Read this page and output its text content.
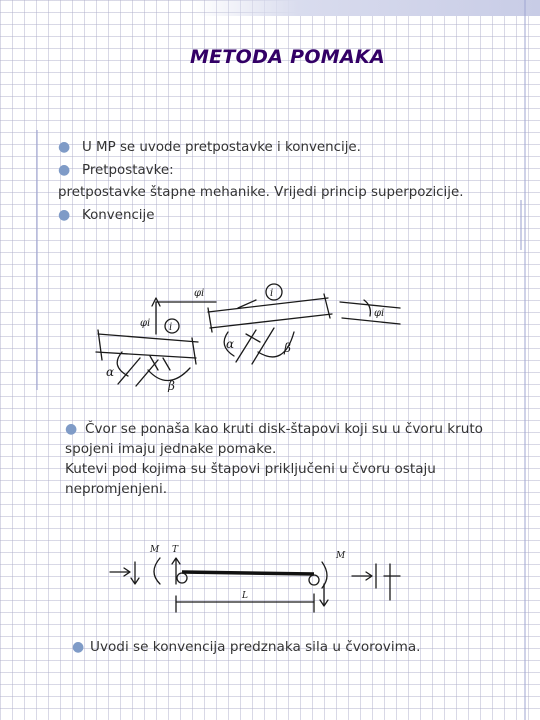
METODA POMAKA
● U MP se uvode pretpostavke i konvencije.
● Pretpostavke:
pretpostavke štapne mehanike. Vrijedi princip superpozicije.
● Konvencije
α
β
i
φi
φi
α	β
i
φi
● Čvor se ponaša kao kruti disk-štapovi koji su u čvoru kruto
spojeni imaju jednake pomake.
Kutevi pod kojima su štapovi priključeni u čvoru ostaju
nepromjenjeni.
M T
M
L
● Uvodi se konvencija predznaka sila u čvorovima.
